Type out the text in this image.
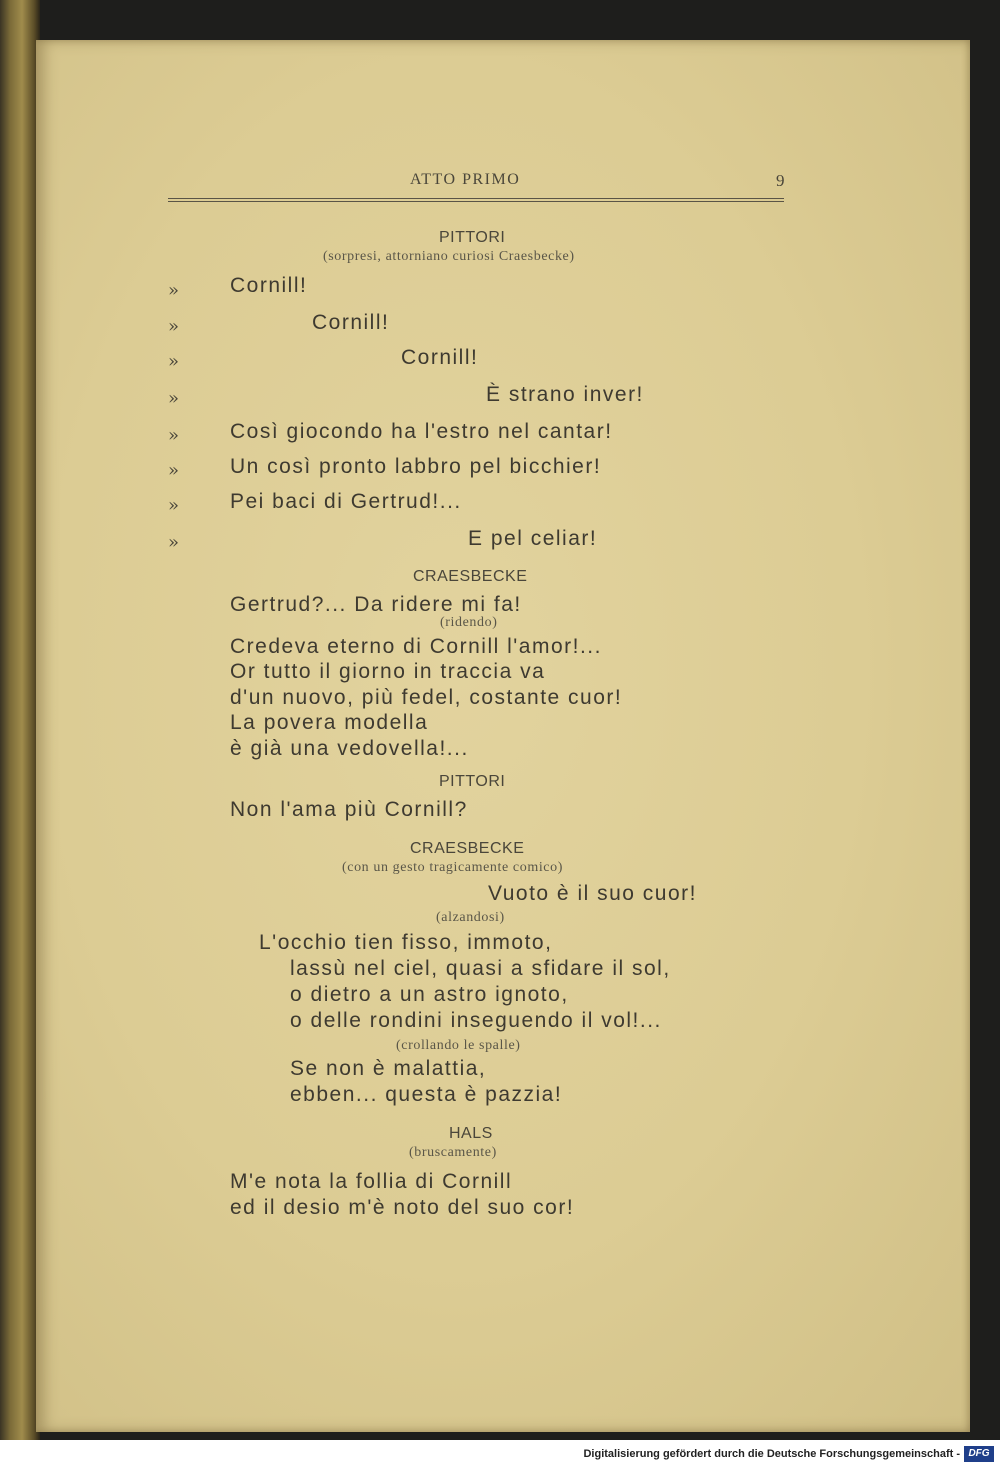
ATTO PRIMO	9
PITTORI
(sorpresi, attorniano curiosi Craesbecke)
» Cornill!
»	Cornill!
»	Cornill!
»	È strano inver!
» Così giocondo ha l'estro nel cantar!
» Un così pronto labbro pel bicchier!
» Pei baci di Gertrud!...
»	E pel celiar!
CRAESBECKE
Gertrud?... Da ridere mi fa!
(ridendo)
Credeva eterno di Cornill l'amor!...
Or tutto il giorno in traccia va
d'un nuovo, più fedel, costante cuor!
La povera modella
è già una vedovella!...
PITTORI
Non l'ama più Cornill?
CRAESBECKE
(con un gesto tragicamente comico)
Vuoto è il suo cuor!
(alzandosi)
L'occhio tien fisso, immoto,
lassù nel ciel, quasi a sfidare il sol,
o dietro a un astro ignoto,
o delle rondini inseguendo il vol!...
(crollando le spalle)
Se non è malattia,
ebben... questa è pazzia!
HALS
(bruscamente)
M'e nota la follia di Cornill
ed il desio m'è noto del suo cor!
Digitalisierung gefördert durch die Deutsche Forschungsgemeinschaft - DFG
